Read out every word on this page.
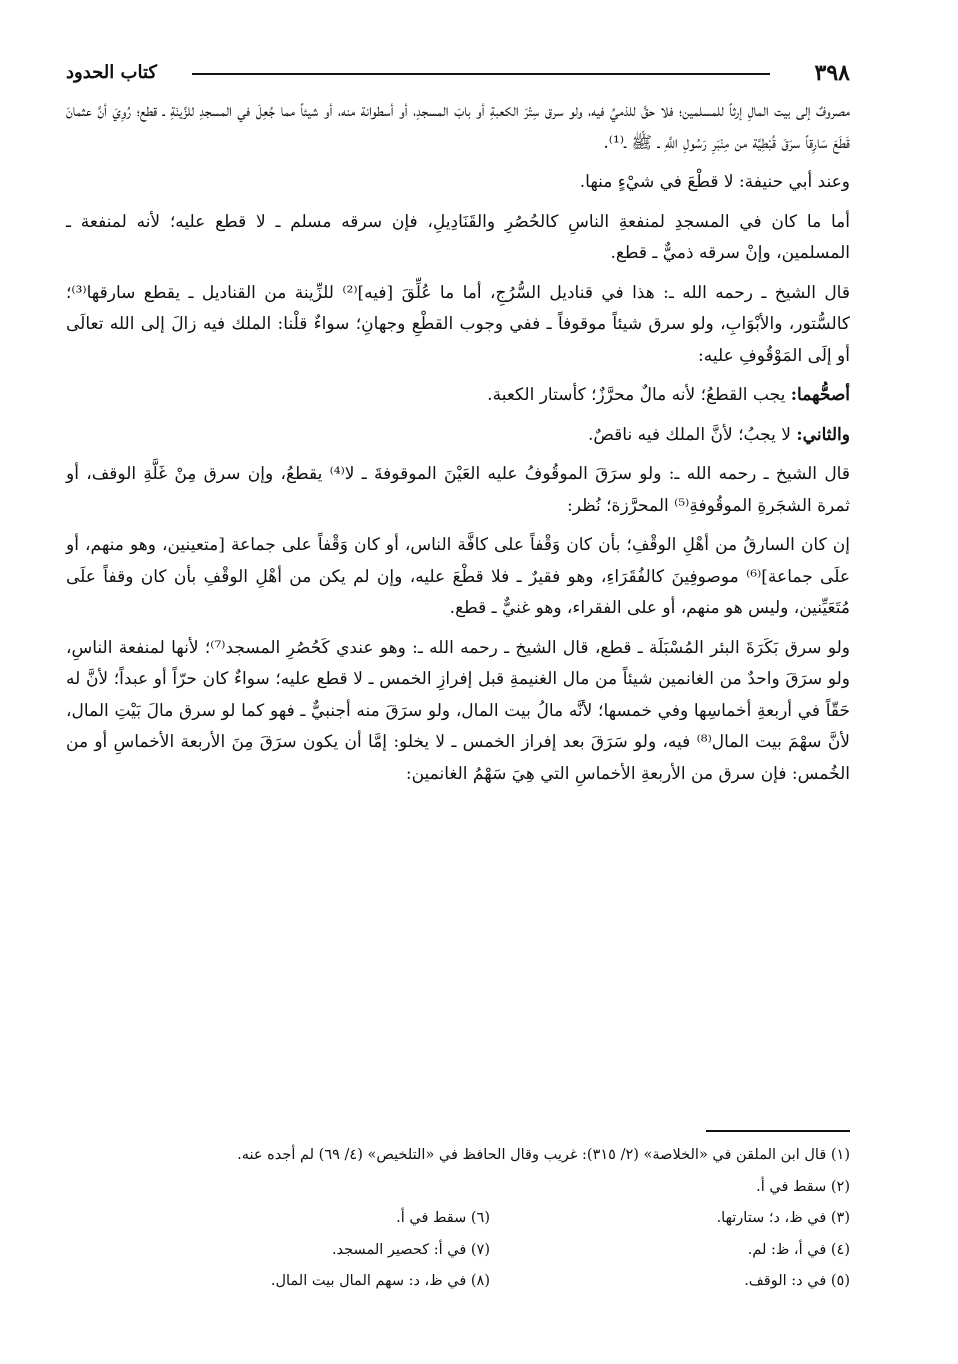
٣٩٨
كتاب الحدود

مصروفٌ إلى بيت المالِ إرثاً للمسلمين؛ فلا حقَّ للذميِّ فيه، ولو سرق سِتْرَ الكعبةِ أو بابَ المسجدِ، أو أسطوانة منه، أو شيئاً مما جُعِلَ في المسجدِ للزِّينَةِ ـ قطع؛ رُوِيَ أنَّ عثمانَ قَطَعَ سَارِقاً سرَقَ قُبْطِيَّة من مِنْبَرِ رَسُولِ اللَّهِ ـ ﷺ ـ⁽¹⁾.

وعند أبي حنيفة: لا قطْعَ في شيْءٍ منها.

أما ما كان في المسجدِ لمنفعةِ الناسِ كالحُصُرِ والقَنَادِيلِ، فإن سرقه مسلم ـ لا قطع عليه؛ لأنه لمنفعة ـ المسلمين، وإنْ سرقه ذميٌّ ـ قطع.

قال الشيخ ـ رحمه الله ـ: هذا في قناديل السُّرُجِ، أما ما عُلِّقَ [فيه]⁽²⁾ للزِّينة من القناديل ـ يقطع سارقها⁽³⁾؛ كالسُّتور، والأبْوَابِ، ولو سرق شيئاً موقوفاً ـ ففي وجوب القطْعِ وجهانِ؛ سواءٌ قلْنا: الملك فيه زالَ إلى الله تعالَى أو إلَى المَوْقُوفِ عليه:

أصحُّهما: يجب القطعُ؛ لأنه مالٌ محرَّزٌ؛ كأستار الكعبة.

والثاني: لا يجبُ؛ لأنَّ الملك فيه ناقصٌ.

قال الشيخ ـ رحمه الله ـ: ولو سرَقَ الموقُوفُ عليه العَيْنَ الموقوفةَ ـ لا⁽⁴⁾ يقطعُ، وإن سرق مِنْ غَلَّةِ الوقف، أو ثمرة الشجَرةِ الموقُوفةِ⁽⁵⁾ المحرَّزة؛ نُظر:

إن كان السارقُ من أهْلِ الوقْفِ؛ بأن كان وَقْفاً على كافَّة الناس، أو كان وَقْفاً على جماعة [متعينين، وهو منهم، أو علَى جماعة]⁽⁶⁾ موصوفِينَ كالفُقَرَاءِ، وهو فقيرٌ ـ فلا قطْعَ عليه، وإن لم يكن من أهْلِ الوقْفِ بأن كان وقفاً علَى مُتَعَيِّنين، وليس هو منهم، أو على الفقراء، وهو غنيٌّ ـ قطع.

ولو سرق بَكَرَةَ البئر المُسْبَلَة ـ قطع، قال الشيخ ـ رحمه الله ـ: وهو عندي كَحُصُرِ المسجد⁽⁷⁾؛ لأنها لمنفعة الناسِ، ولو سرَقَ واحدٌ من الغانمين شيئاً من مال الغنيمةِ قبل إفرازِ الخمس ـ لا قطع عليه؛ سواءٌ كان حرّاً أو عبداً؛ لأنَّ له حَقّاً في أربعةِ أخماسِها وفي خمسها؛ لأنَّه مالُ بيت المال، ولو سرَقَ منه أجنبيٌّ ـ فهو كما لو سرق مالَ بَيْتِ المال، لأنَّ سهْمَ بيت المال⁽⁸⁾ فيه، ولو سَرَقَ بعد إفراز الخمس ـ لا يخلو: إمَّا أن يكون سرَقَ مِنَ الأربعة الأخماسِ أو من الخُمس: فإن سرق من الأربعةِ الأخماسِ التي هِيَ سَهْمُ الغانمين:

(١) قال ابن الملقن في «الخلاصة» (٢/ ٣١٥): غريب وقال الحافظ في «التلخيص» (٤/ ٦٩) لم أجده عنه.
(٢) سقط في أ.
(٣) في ظ، د؛ ستارتها.
(٦) سقط في أ.
(٤) في أ، ظ: لم.
(٧) في أ: كحصير المسجد.
(٥) في د: الوقف.
(٨) في ظ، د: سهم المال بيت المال.
